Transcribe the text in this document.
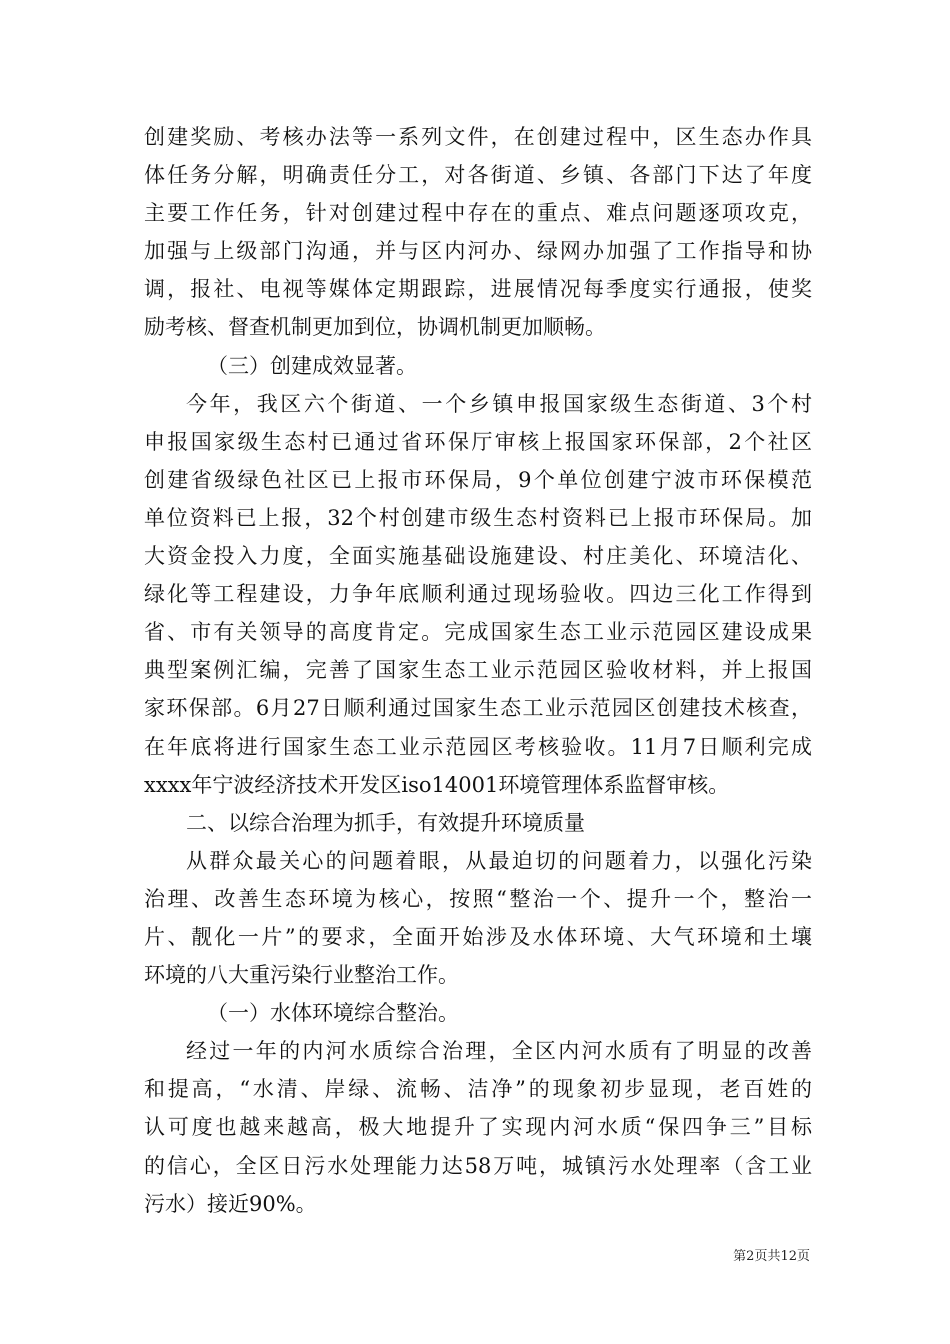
创建奖励、考核办法等一系列文件，在创建过程中，区生态办作具
体任务分解，明确责任分工，对各街道、乡镇、各部门下达了年度
主要工作任务，针对创建过程中存在的重点、难点问题逐项攻克，
加强与上级部门沟通，并与区内河办、绿网办加强了工作指导和协
调，报社、电视等媒体定期跟踪，进展情况每季度实行通报，使奖
励考核、督查机制更加到位，协调机制更加顺畅。
（三）创建成效显著。
今年，我区六个街道、一个乡镇申报国家级生态街道、3个村
申报国家级生态村已通过省环保厅审核上报国家环保部，2个社区
创建省级绿色社区已上报市环保局，9个单位创建宁波市环保模范
单位资料已上报，32个村创建市级生态村资料已上报市环保局。加
大资金投入力度，全面实施基础设施建设、村庄美化、环境洁化、
绿化等工程建设，力争年底顺利通过现场验收。四边三化工作得到
省、市有关领导的高度肯定。完成国家生态工业示范园区建设成果
典型案例汇编，完善了国家生态工业示范园区验收材料，并上报国
家环保部。6月27日顺利通过国家生态工业示范园区创建技术核查，
在年底将进行国家生态工业示范园区考核验收。11月7日顺利完成
xxxx年宁波经济技术开发区iso14001环境管理体系监督审核。
二、以综合治理为抓手，有效提升环境质量
从群众最关心的问题着眼，从最迫切的问题着力，以强化污染
治理、改善生态环境为核心，按照“整治一个、提升一个，整治一
片、靓化一片”的要求，全面开始涉及水体环境、大气环境和土壤
环境的八大重污染行业整治工作。
（一）水体环境综合整治。
经过一年的内河水质综合治理，全区内河水质有了明显的改善
和提高，“水清、岸绿、流畅、洁净”的现象初步显现，老百姓的
认可度也越来越高，极大地提升了实现内河水质“保四争三”目标
的信心，全区日污水处理能力达58万吨，城镇污水处理率（含工业
污水）接近90%。
第2页共12页
